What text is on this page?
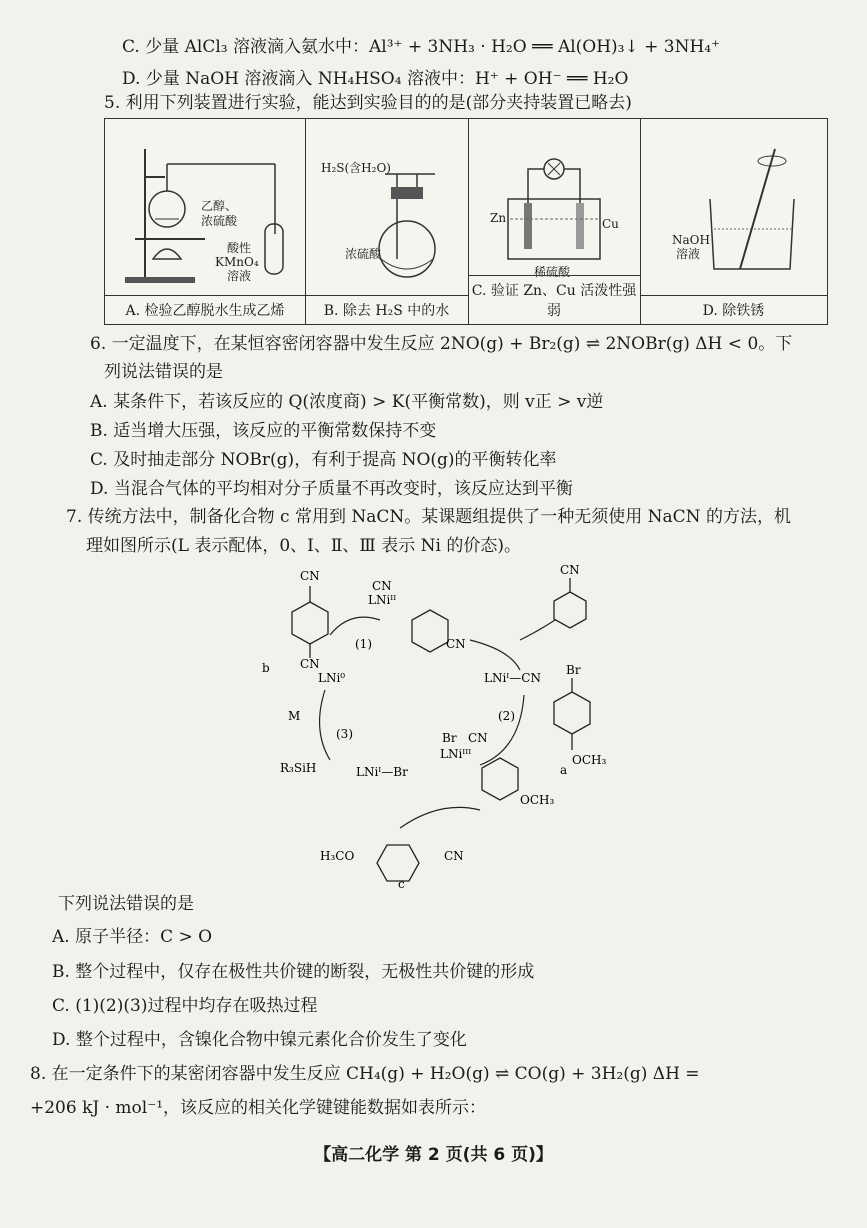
C. 少量 AlCl₃ 溶液滴入氨水中：Al³⁺ + 3NH₃ · H₂O ══ Al(OH)₃↓ + 3NH₄⁺
D. 少量 NaOH 溶液滴入 NH₄HSO₄ 溶液中：H⁺ + OH⁻ ══ H₂O
5. 利用下列装置进行实验，能达到实验目的的是(部分夹持装置已略去)
乙醇、
浓硫酸
酸性
KMnO₄
溶液
A. 检验乙醇脱水生成乙烯
H₂S(含H₂O)
浓硫酸
B. 除去 H₂S 中的水
Zn	Cu
稀硫酸
C. 验证 Zn、Cu 活泼性强弱
NaOH
溶液
D. 除铁锈
6. 一定温度下，在某恒容密闭容器中发生反应 2NO(g) + Br₂(g) ⇌ 2NOBr(g) ΔH < 0。下
列说法错误的是
A. 某条件下，若该反应的 Q(浓度商) > K(平衡常数)，则 v正 > v逆
B. 适当增大压强，该反应的平衡常数保持不变
C. 及时抽走部分 NOBr(g)，有利于提高 NO(g)的平衡转化率
D. 当混合气体的平均相对分子质量不再改变时，该反应达到平衡
7. 传统方法中，制备化合物 c 常用到 NaCN。某课题组提供了一种无须使用 NaCN 的方法，机
理如图所示(L 表示配体，0、Ⅰ、Ⅱ、Ⅲ 表示 Ni 的价态)。
CN
CN
b
CN
LNiᴵᴵ
CN
(1)
CN
LNiᴵ—CN
(2)
Br
OCH₃
a
Br CN
LNiᴵᴵᴵ
OCH₃
LNi⁰
(3)
M
R₃SiH	LNiᴵ—Br
H₃CO	CN
c
下列说法错误的是
A. 原子半径：C > O
B. 整个过程中，仅存在极性共价键的断裂，无极性共价键的形成
C. (1)(2)(3)过程中均存在吸热过程
D. 整个过程中，含镍化合物中镍元素化合价发生了变化
8. 在一定条件下的某密闭容器中发生反应 CH₄(g) + H₂O(g) ⇌ CO(g) + 3H₂(g) ΔH =
+206 kJ · mol⁻¹，该反应的相关化学键键能数据如表所示：
【高二化学 第 2 页(共 6 页)】
